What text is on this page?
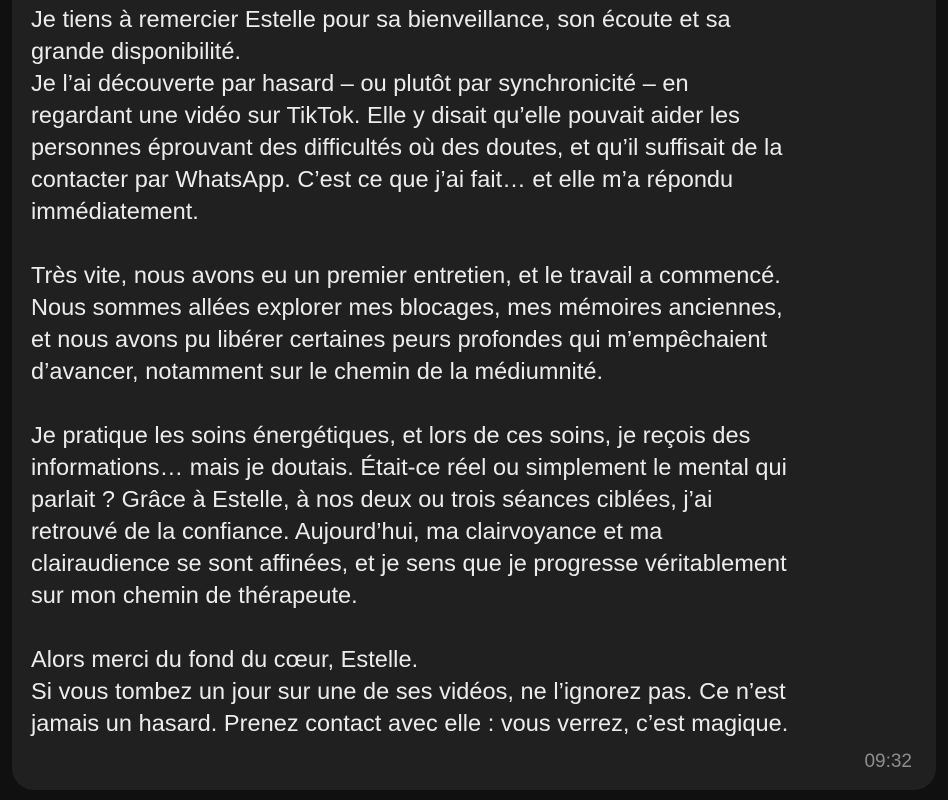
Je tiens à remercier Estelle pour sa bienveillance, son écoute et sa
grande disponibilité.
Je l’ai découverte par hasard – ou plutôt par synchronicité – en
regardant une vidéo sur TikTok. Elle y disait qu’elle pouvait aider les
personnes éprouvant des difficultés où des doutes, et qu’il suffisait de la
contacter par WhatsApp. C’est ce que j’ai fait… et elle m’a répondu
immédiatement.

Très vite, nous avons eu un premier entretien, et le travail a commencé.
Nous sommes allées explorer mes blocages, mes mémoires anciennes,
et nous avons pu libérer certaines peurs profondes qui m’empêchaient
d’avancer, notamment sur le chemin de la médiumnité.

Je pratique les soins énergétiques, et lors de ces soins, je reçois des
informations… mais je doutais. Était-ce réel ou simplement le mental qui
parlait ? Grâce à Estelle, à nos deux ou trois séances ciblées, j’ai
retrouvé de la confiance. Aujourd’hui, ma clairvoyance et ma
clairaudience se sont affinées, et je sens que je progresse véritablement
sur mon chemin de thérapeute.

Alors merci du fond du cœur, Estelle.
Si vous tombez un jour sur une de ses vidéos, ne l’ignorez pas. Ce n’est
jamais un hasard. Prenez contact avec elle : vous verrez, c’est magique.

09:32
